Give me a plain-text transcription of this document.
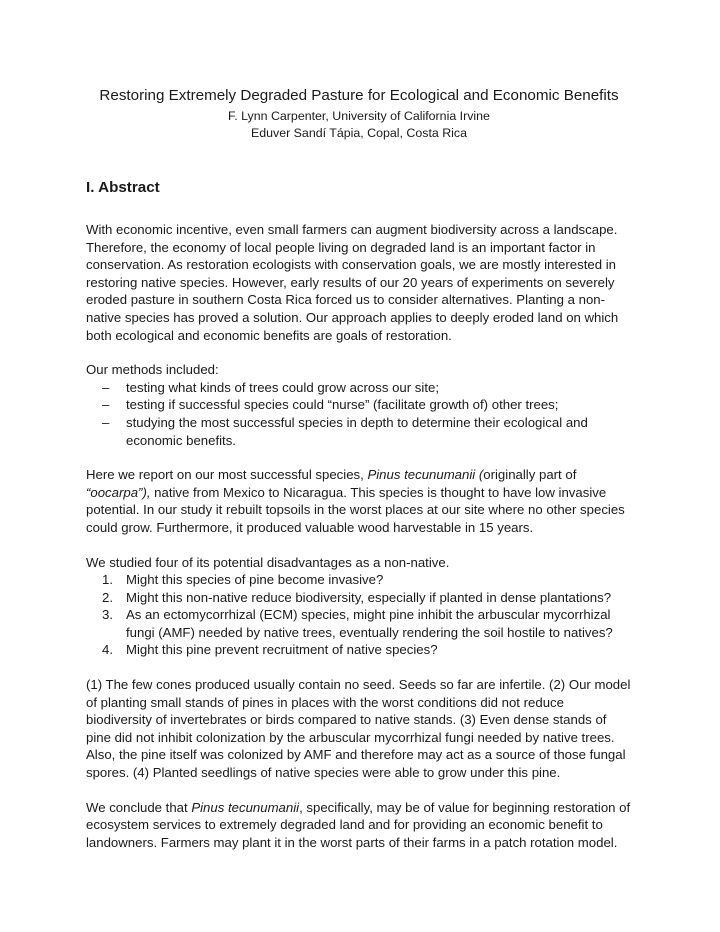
Restoring Extremely Degraded Pasture for Ecological and Economic Benefits

F. Lynn Carpenter, University of California Irvine

Eduver Sandí Tápia, Copal, Costa Rica

I. Abstract

With economic incentive, even small farmers can augment biodiversity across a landscape. Therefore, the economy of local people living on degraded land is an important factor in conservation. As restoration ecologists with conservation goals, we are mostly interested in restoring native species. However, early results of our 20 years of experiments on severely eroded pasture in southern Costa Rica forced us to consider alternatives. Planting a non-native species has proved a solution. Our approach applies to deeply eroded land on which both ecological and economic benefits are goals of restoration.

Our methods included:

– testing what kinds of trees could grow across our site;
– testing if successful species could “nurse” (facilitate growth of) other trees;
– studying the most successful species in depth to determine their ecological and economic benefits.

Here we report on our most successful species, Pinus tecunumanii (originally part of “oocarpa”), native from Mexico to Nicaragua. This species is thought to have low invasive potential. In our study it rebuilt topsoils in the worst places at our site where no other species could grow. Furthermore, it produced valuable wood harvestable in 15 years.

We studied four of its potential disadvantages as a non-native.

1. Might this species of pine become invasive?
2. Might this non-native reduce biodiversity, especially if planted in dense plantations?
3. As an ectomycorrhizal (ECM) species, might pine inhibit the arbuscular mycorrhizal fungi (AMF) needed by native trees, eventually rendering the soil hostile to natives?
4. Might this pine prevent recruitment of native species?

(1) The few cones produced usually contain no seed. Seeds so far are infertile. (2) Our model of planting small stands of pines in places with the worst conditions did not reduce biodiversity of invertebrates or birds compared to native stands. (3) Even dense stands of pine did not inhibit colonization by the arbuscular mycorrhizal fungi needed by native trees. Also, the pine itself was colonized by AMF and therefore may act as a source of those fungal spores. (4) Planted seedlings of native species were able to grow under this pine.

We conclude that Pinus tecunumanii, specifically, may be of value for beginning restoration of ecosystem services to extremely degraded land and for providing an economic benefit to landowners. Farmers may plant it in the worst parts of their farms in a patch rotation model.
